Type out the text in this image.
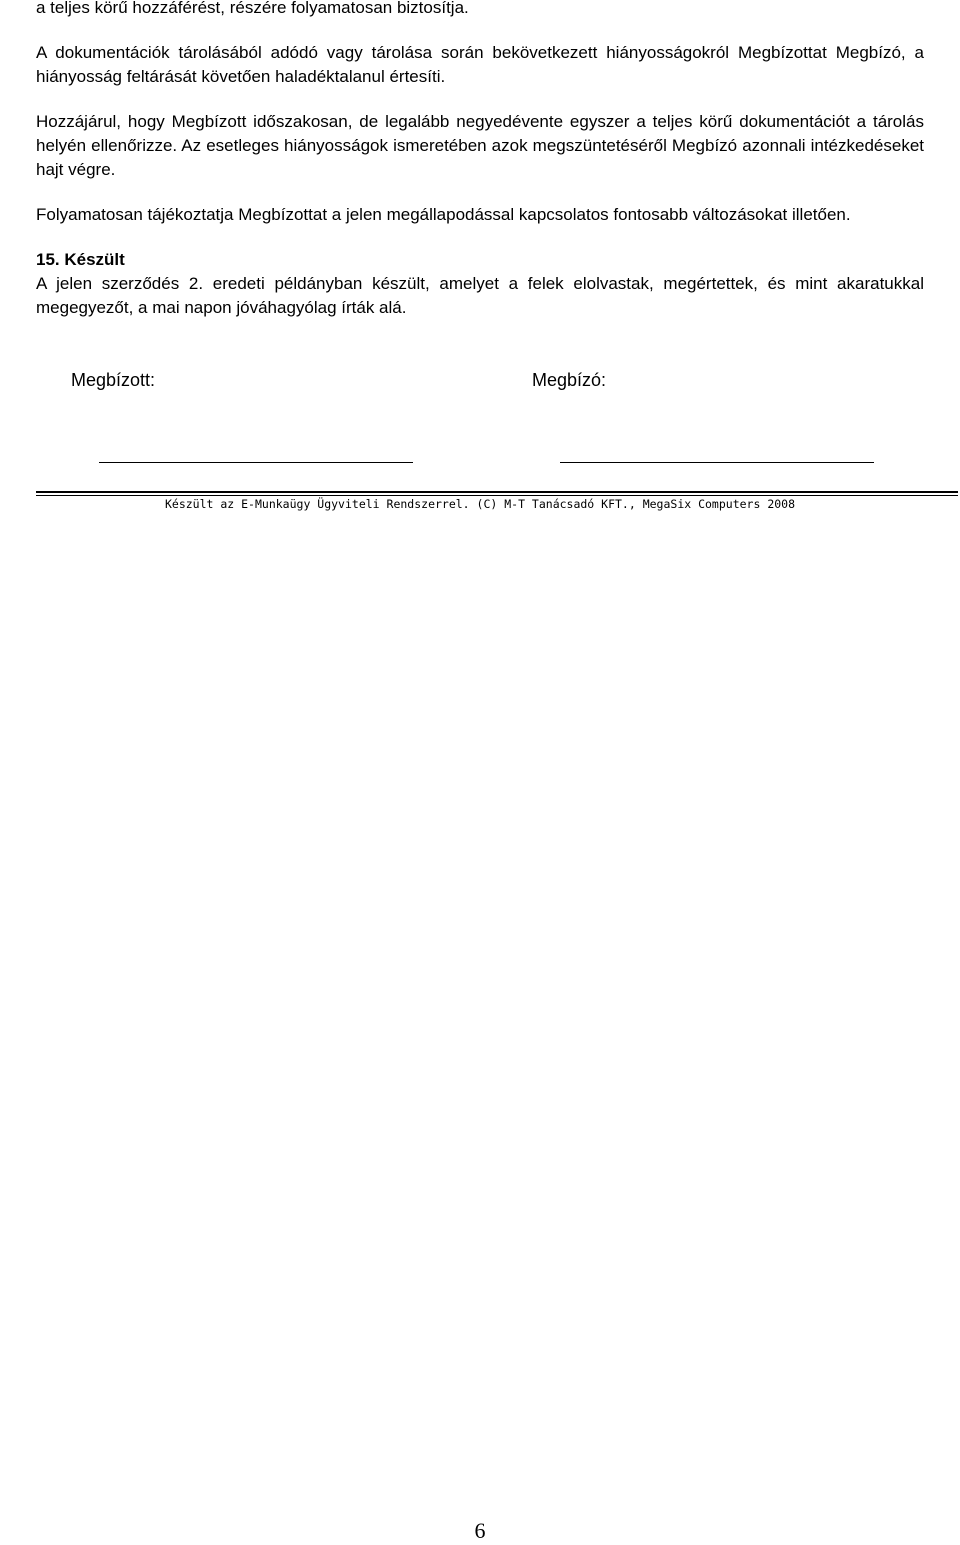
a teljes körű hozzáférést, részére folyamatosan biztosítja.

A dokumentációk tárolásából adódó vagy tárolása során bekövetkezett hiányosságokról Megbízottat Megbízó, a hiányosság feltárását követően haladéktalanul értesíti.

Hozzájárul, hogy Megbízott időszakosan, de legalább negyedévente egyszer a teljes körű dokumentációt a tárolás helyén ellenőrizze. Az esetleges hiányosságok ismeretében azok megszüntetéséről Megbízó azonnali intézkedéseket hajt végre.

Folyamatosan tájékoztatja Megbízottat a jelen megállapodással kapcsolatos fontosabb változásokat illetően.

15. Készült

A jelen szerződés 2. eredeti példányban készült, amelyet a felek elolvastak, megértettek, és mint akaratukkal megegyezőt, a mai napon jóváhagyólag írták alá.

Megbízott:	Megbízó:
Készült az E-Munkaügy Ügyviteli Rendszerrel. (C) M-T Tanácsadó KFT., MegaSix Computers 2008
6
